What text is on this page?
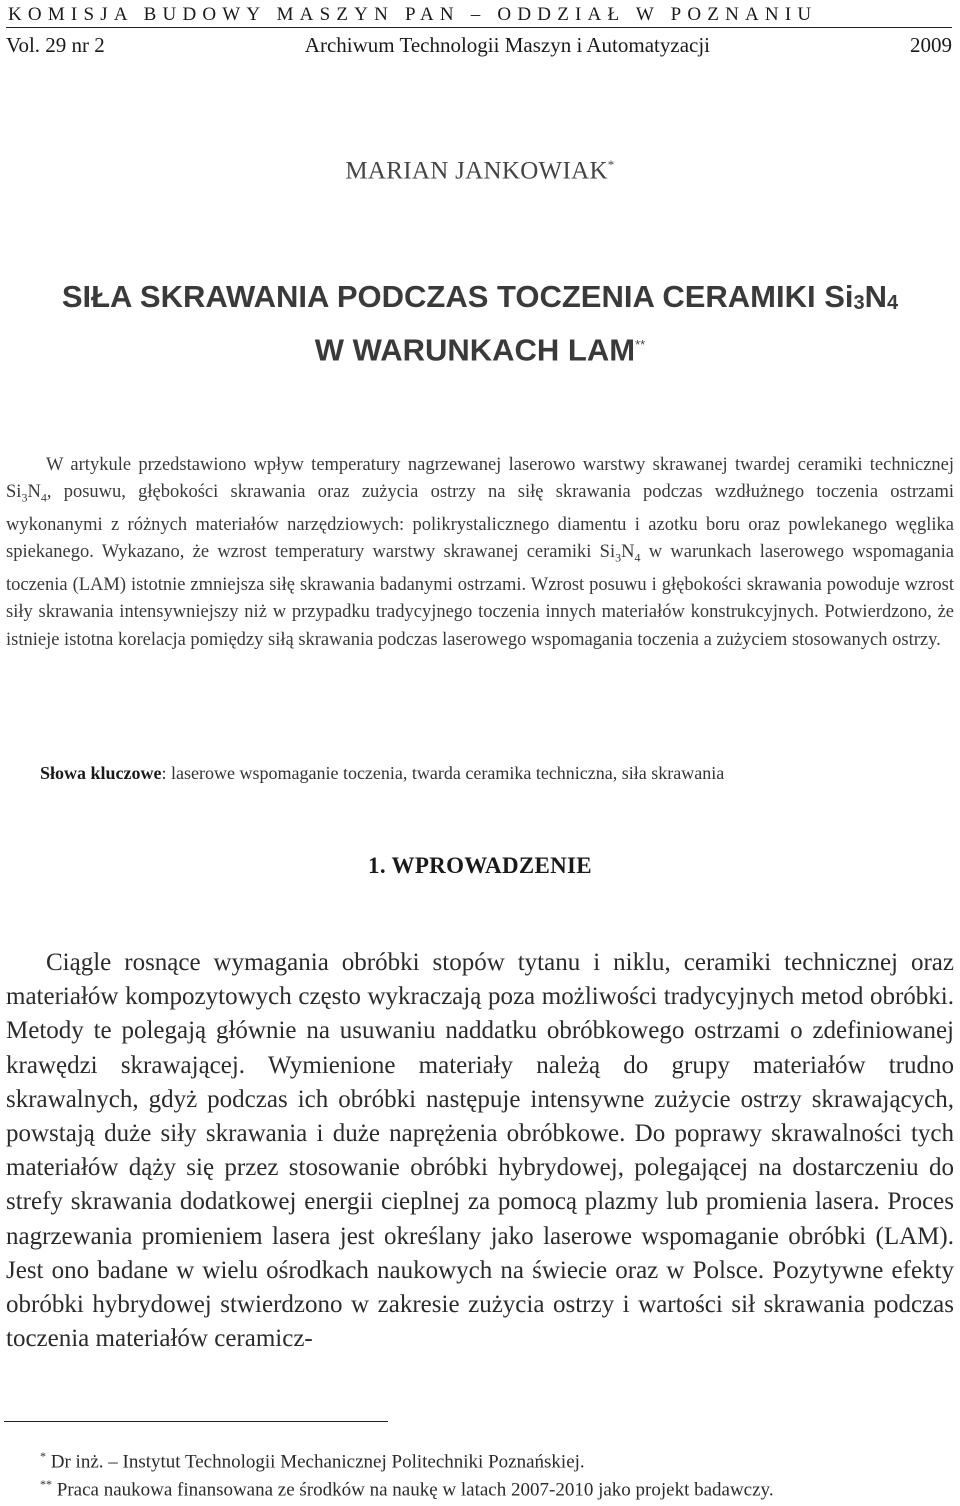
KOMISJA BUDOWY MASZYN PAN – ODDZIAŁ W POZNANIU
Vol. 29 nr 2	Archiwum Technologii Maszyn i Automatyzacji	2009
MARIAN JANKOWIAK*
SIŁA SKRAWANIA PODCZAS TOCZENIA CERAMIKI $Si_3N_4$
W WARUNKACH LAM**
W artykule przedstawiono wpływ temperatury nagrzewanej laserowo warstwy skrawanej twardej ceramiki technicznej $Si_3N_4$, posuwu, głębokości skrawania oraz zużycia ostrzy na siłę skrawania podczas wzdłużnego toczenia ostrzami wykonanymi z różnych materiałów narzędziowych: polikrystalicznego diamentu i azotku boru oraz powlekanego węglika spiekanego. Wykazano, że wzrost temperatury warstwy skrawanej ceramiki $Si_3N_4$ w warunkach laserowego wspomagania toczenia (LAM) istotnie zmniejsza siłę skrawania badanymi ostrzami. Wzrost posuwu i głębokości skrawania powoduje wzrost siły skrawania intensywniejszy niż w przypadku tradycyjnego toczenia innych materiałów konstrukcyjnych. Potwierdzono, że istnieje istotna korelacja pomiędzy siłą skrawania podczas laserowego wspomagania toczenia a zużyciem stosowanych ostrzy.
Słowa kluczowe: laserowe wspomaganie toczenia, twarda ceramika techniczna, siła skrawania
1. WPROWADZENIE
Ciągle rosnące wymagania obróbki stopów tytanu i niklu, ceramiki technicznej oraz materiałów kompozytowych często wykraczają poza możliwości tradycyjnych metod obróbki. Metody te polegają głównie na usuwaniu naddatku obróbkowego ostrzami o zdefiniowanej krawędzi skrawającej. Wymienione materiały należą do grupy materiałów trudno skrawalnych, gdyż podczas ich obróbki następuje intensywne zużycie ostrzy skrawających, powstają duże siły skrawania i duże naprężenia obróbkowe. Do poprawy skrawalności tych materiałów dąży się przez stosowanie obróbki hybrydowej, polegającej na dostarczeniu do strefy skrawania dodatkowej energii cieplnej za pomocą plazmy lub promienia lasera. Proces nagrzewania promieniem lasera jest określany jako laserowe wspomaganie obróbki (LAM). Jest ono badane w wielu ośrodkach naukowych na świecie oraz w Polsce. Pozytywne efekty obróbki hybrydowej stwierdzono w zakresie zużycia ostrzy i wartości sił skrawania podczas toczenia materiałów ceramicz-
* Dr inż. – Instytut Technologii Mechanicznej Politechniki Poznańskiej.
** Praca naukowa finansowana ze środków na naukę w latach 2007-2010 jako projekt badawczy.
